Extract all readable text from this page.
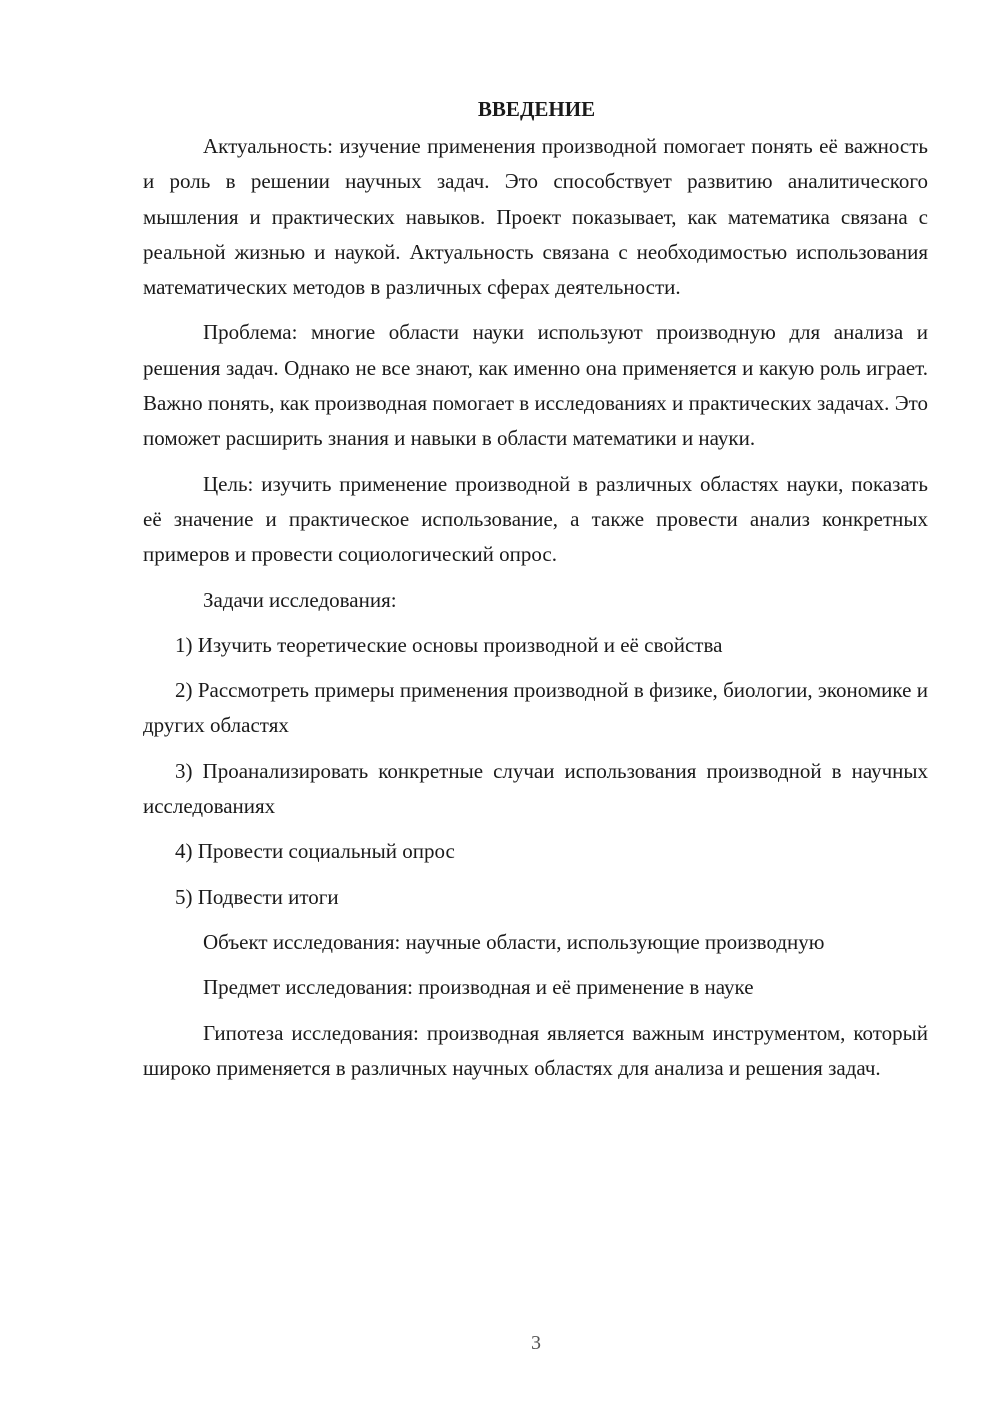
ВВЕДЕНИЕ

Актуальность: изучение применения производной помогает понять её важность и роль в решении научных задач. Это способствует развитию аналитического мышления и практических навыков. Проект показывает, как математика связана с реальной жизнью и наукой. Актуальность связана с необходимостью использования математических методов в различных сферах деятельности.

Проблема: многие области науки используют производную для анализа и решения задач. Однако не все знают, как именно она применяется и какую роль играет. Важно понять, как производная помогает в исследованиях и практических задачах. Это поможет расширить знания и навыки в области математики и науки.

Цель: изучить применение производной в различных областях науки, показать её значение и практическое использование, а также провести анализ конкретных примеров и провести социологический опрос.

Задачи исследования:

1) Изучить теоретические основы производной и её свойства

2) Рассмотреть примеры применения производной в физике, биологии, экономике и других областях

3) Проанализировать конкретные случаи использования производной в научных исследованиях

4) Провести социальный опрос

5) Подвести итоги

Объект исследования: научные области, использующие производную

Предмет исследования: производная и её применение в науке

Гипотеза исследования: производная является важным инструментом, который широко применяется в различных научных областях для анализа и решения задач.

3
